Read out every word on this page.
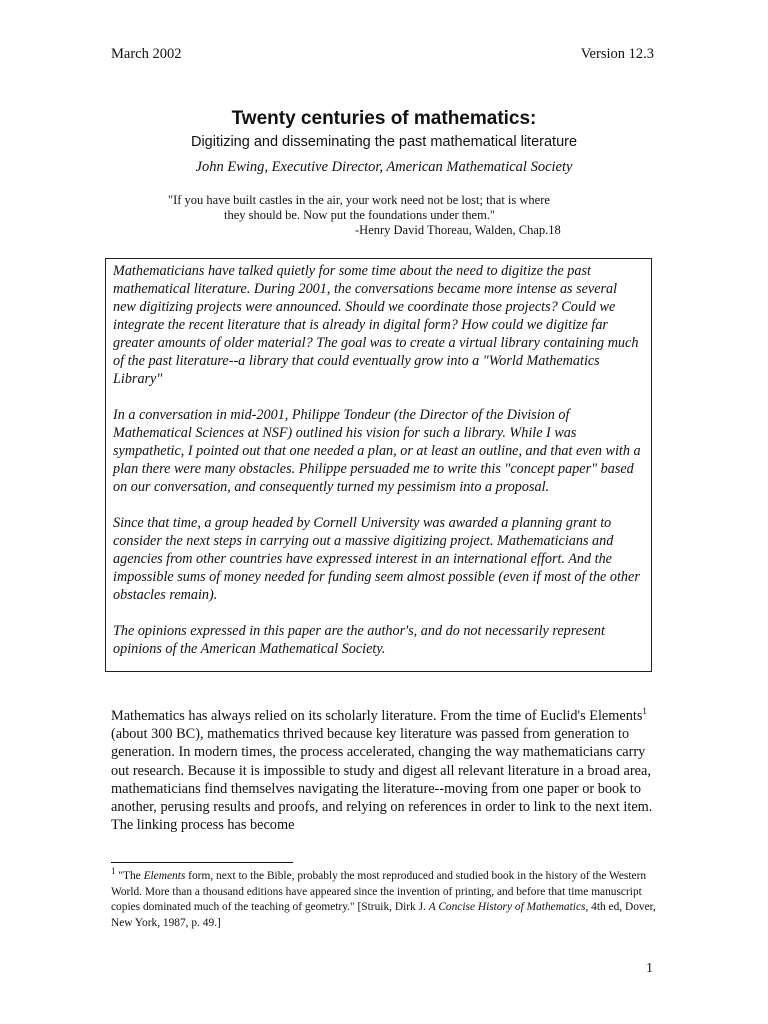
March 2002	Version 12.3
Twenty centuries of mathematics:
Digitizing and disseminating the past mathematical literature
John Ewing, Executive Director, American Mathematical Society
"If you have built castles in the air, your work need not be lost; that is where
they should be. Now put the foundations under them."
-Henry David Thoreau, Walden, Chap.18

Mathematicians have talked quietly for some time about the need to digitize the past mathematical literature. During 2001, the conversations became more intense as several new digitizing projects were announced. Should we coordinate those projects? Could we integrate the recent literature that is already in digital form? How could we digitize far greater amounts of older material? The goal was to create a virtual library containing much of the past literature--a library that could eventually grow into a "World Mathematics Library"

In a conversation in mid-2001, Philippe Tondeur (the Director of the Division of Mathematical Sciences at NSF) outlined his vision for such a library. While I was sympathetic, I pointed out that one needed a plan, or at least an outline, and that even with a plan there were many obstacles. Philippe persuaded me to write this "concept paper" based on our conversation, and consequently turned my pessimism into a proposal.

Since that time, a group headed by Cornell University was awarded a planning grant to consider the next steps in carrying out a massive digitizing project. Mathematicians and agencies from other countries have expressed interest in an international effort. And the impossible sums of money needed for funding seem almost possible (even if most of the other obstacles remain).

The opinions expressed in this paper are the author's, and do not necessarily represent opinions of the American Mathematical Society.

Mathematics has always relied on its scholarly literature. From the time of Euclid's Elements$^1$ (about 300 BC), mathematics thrived because key literature was passed from generation to generation. In modern times, the process accelerated, changing the way mathematicians carry out research. Because it is impossible to study and digest all relevant literature in a broad area, mathematicians find themselves navigating the literature--moving from one paper or book to another, perusing results and proofs, and relying on references in order to link to the next item. The linking process has become

$^1$ "The Elements form, next to the Bible, probably the most reproduced and studied book in the history of the Western World. More than a thousand editions have appeared since the invention of printing, and before that time manuscript copies dominated much of the teaching of geometry." [Struik, Dirk J. A Concise History of Mathematics, 4th ed, Dover, New York, 1987, p. 49.]
1
